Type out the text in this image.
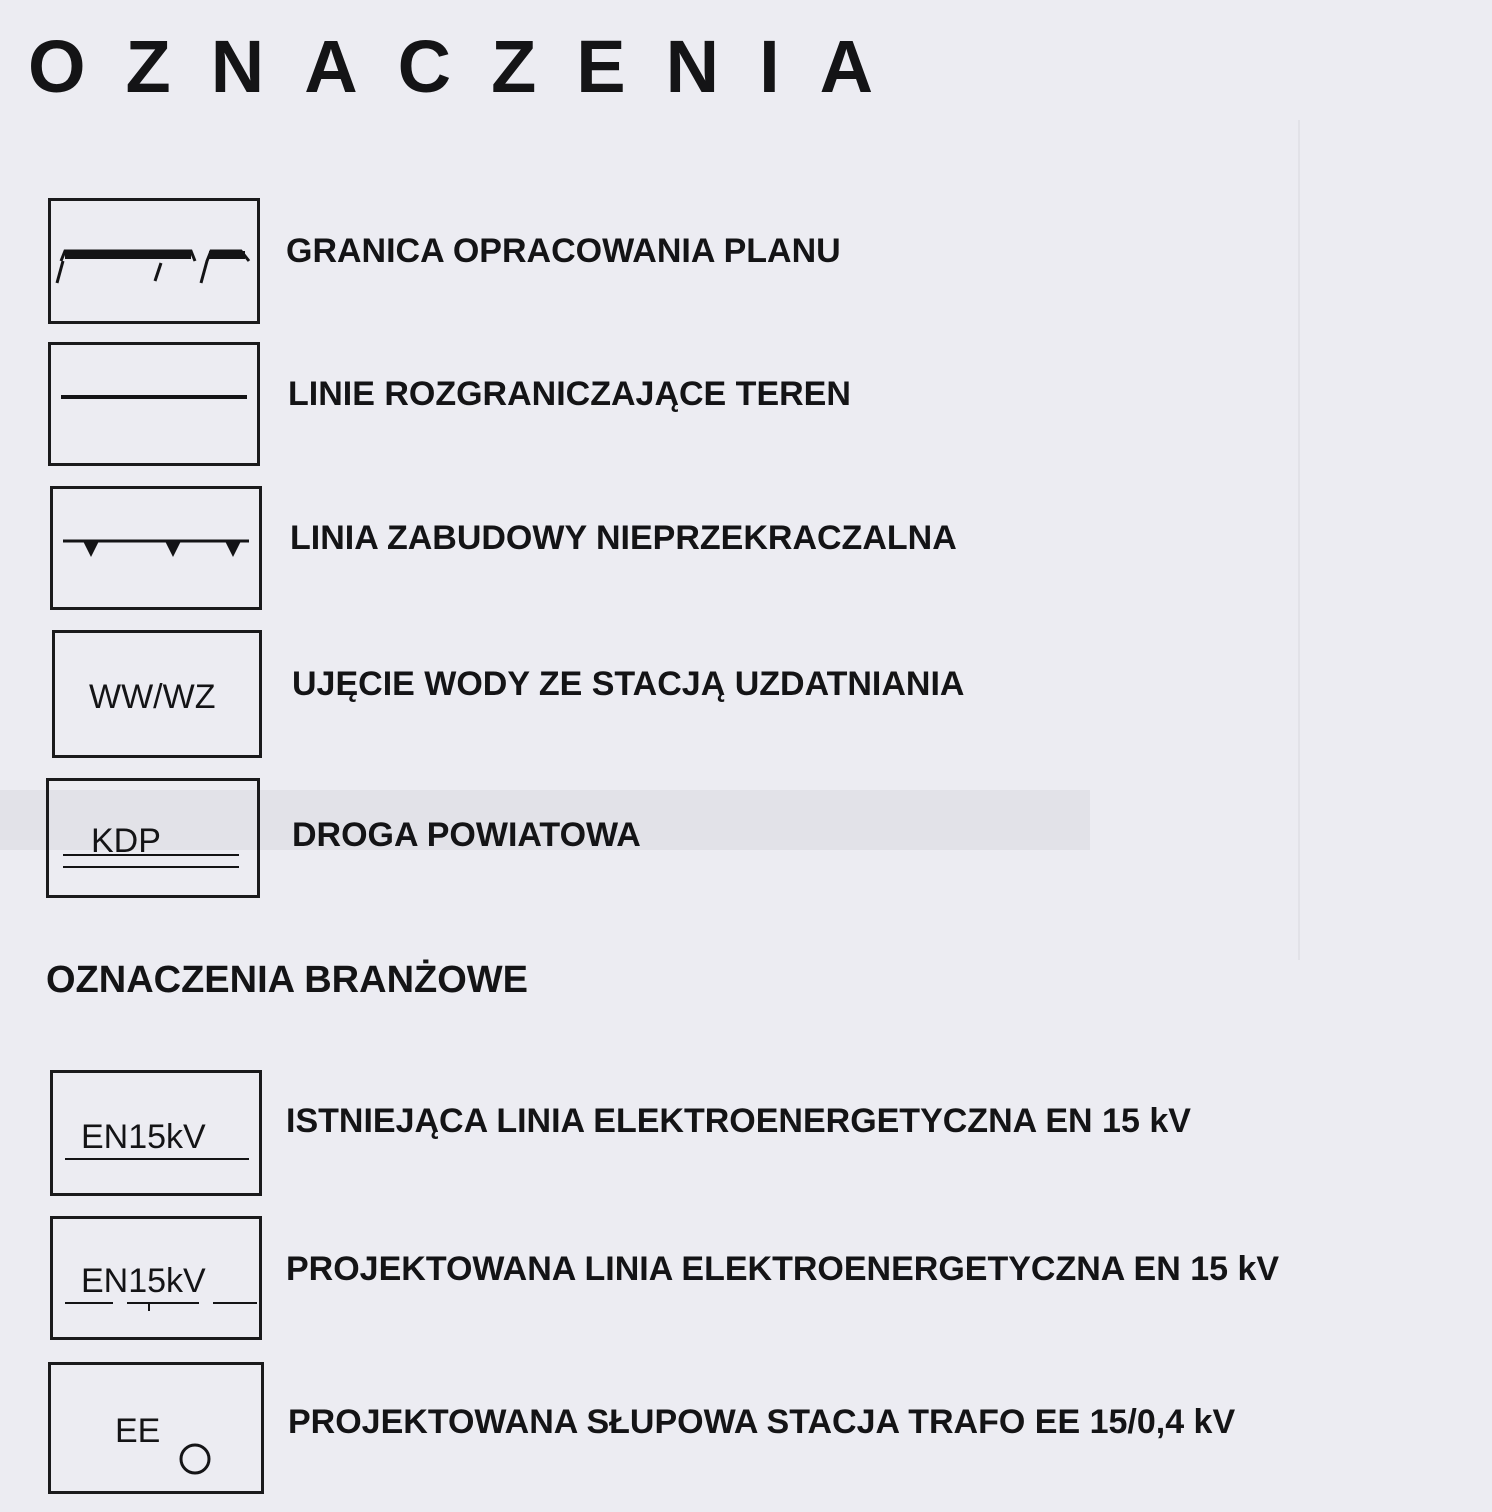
OZNACZENIA
GRANICA OPRACOWANIA PLANU
LINIE ROZGRANICZAJĄCE TEREN
LINIA ZABUDOWY NIEPRZEKRACZALNA
WW/WZ UJĘCIE WODY ZE STACJĄ UZDATNIANIA
KDP	DROGA POWIATOWA
OZNACZENIA BRANŻOWE
EN15kV ISTNIEJĄCA LINIA ELEKTROENERGETYCZNA EN 15 kV
EN15kV PROJEKTOWANA LINIA ELEKTROENERGETYCZNA EN 15 kV
EE	PROJEKTOWANA SŁUPOWA STACJA TRAFO EE 15/0,4 kV
